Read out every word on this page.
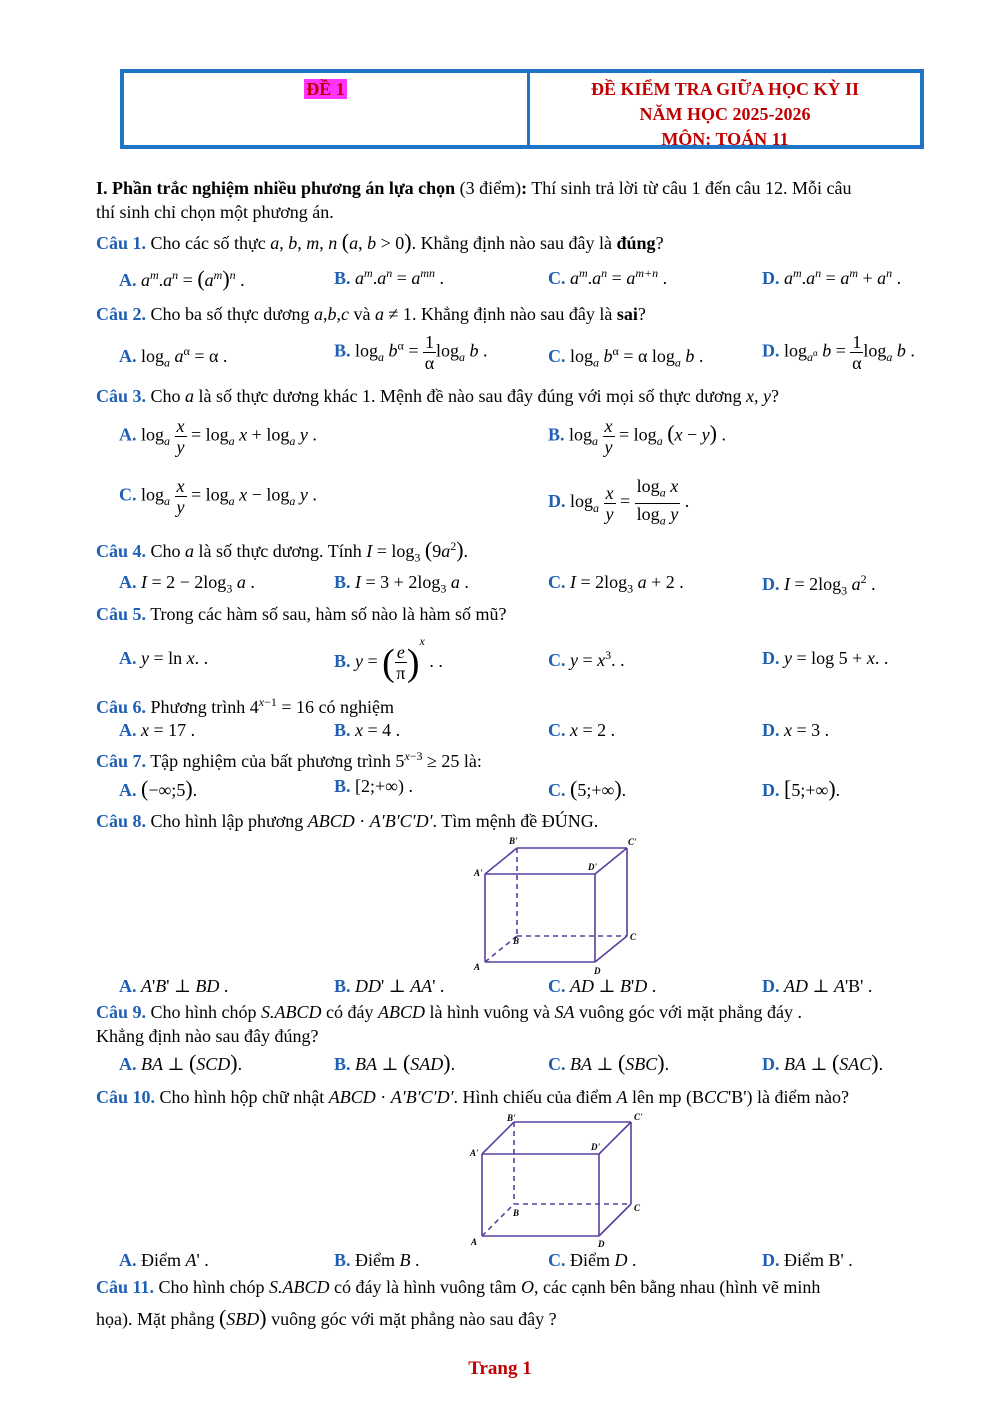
ĐỀ 1	ĐỀ KIỂM TRA GIỮA HỌC KỲ II
NĂM HỌC 2025-2026
MÔN: TOÁN 11
I. Phần trắc nghiệm nhiều phương án lựa chọn (3 điểm): Thí sinh trả lời từ câu 1 đến câu 12. Mỗi câu
thí sinh chỉ chọn một phương án.
Câu 1. Cho các số thực a, b, m, n (a, b > 0). Khẳng định nào sau đây là đúng?
A. $a^m.a^n = (a^m)^n$ .	B. $a^m.a^n = a^{mn}$ .	C. $a^m.a^n = a^{m+n}$ .	D. $a^m.a^n = a^m + a^n$ .
Câu 2. Cho ba số thực dương a,b,c và a ≠ 1. Khẳng định nào sau đây là sai?
A. $\log_a a^\alpha = \alpha$ .	B. $\log_a b^\alpha = \frac{1}{\alpha} \log_a b$ .	C. $\log_a b^\alpha = \alpha$ $\log_a b$ .	D. $\log_{a^\alpha} b = \frac{1}{\alpha} \log_a b$ .
Câu 3. Cho a là số thực dương khác 1. Mệnh đề nào sau đây đúng với mọi số thực dương x, y?
A. $\log_a \frac{x}{y} = \log_a x + \log_a y$ .	B. $\log_a \frac{x}{y} = \log_a (x - y)$ .
C. $\log_a \frac{x}{y} = \log_a x - \log_a y$ .	D. $\log_a \frac{x}{y} = \frac{\log_a x}{\log_a y}$ .
Câu 4. Cho a là số thực dương. Tính $I = \log_3 (9a^2)$.
A. $I = 2 - 2\log_3$ a .	B. $I = 3 + 2\log_3$ a .	C. $I = 2\log_3$ a + 2 .	D. $I = 2\log_3$ $a^2$ .
Câu 5. Trong các hàm số sau, hàm số nào là hàm số mũ?
A. y = ln x. .	B. y = ( $\frac{e}{\pi} )^x$ . .	C. $y = x^3$. .	D. y = log 5 + x. .
Câu 6. Phương trình $4^{x-1} = 16$ có nghiệm
A. x = 17 .	B. x = 4 .	C. x = 2 .	D. x = 3 .
Câu 7. Tập nghiệm của bất phương trình $5^{x-3} \ge 25$ là:
A. (−∞;5).	B. [2;+∞) .	C. (5;+∞).	D. [5;+∞).
Câu 8. Cho hình lập phương ABCD · A′B′C′D′. Tìm mệnh đề ĐÚNG.
A
B	C
D
A'
B'	C'
D'
A. A'B' ⊥ BD .	B. DD' ⊥ AA' .	C. AD ⊥ B'D .	D. AD ⊥ A'B' .
Câu 9. Cho hình chóp S.ABCD có đáy ABCD là hình vuông và SA vuông góc với mặt phẳng đáy .
Khẳng định nào sau đây đúng?
A. BA ⊥ (SCD).	B. BA ⊥ (SAD).	C. BA ⊥ (SBC).	D. BA ⊥ (SAC).
Câu 10. Cho hình hộp chữ nhật ABCD · A′B′C′D′. Hình chiếu của điểm A lên mp (BCC'B') là điểm nào?
A
B	C
D
A'
B'	C'
D'
A. Điểm A' .	B. Điểm B .	C. Điểm D .	D. Điểm B' .
Câu 11. Cho hình chóp S.ABCD có đáy là hình vuông tâm O, các cạnh bên bằng nhau (hình vẽ minh
họa). Mặt phẳng (SBD) vuông góc với mặt phẳng nào sau đây ?
Trang 1
